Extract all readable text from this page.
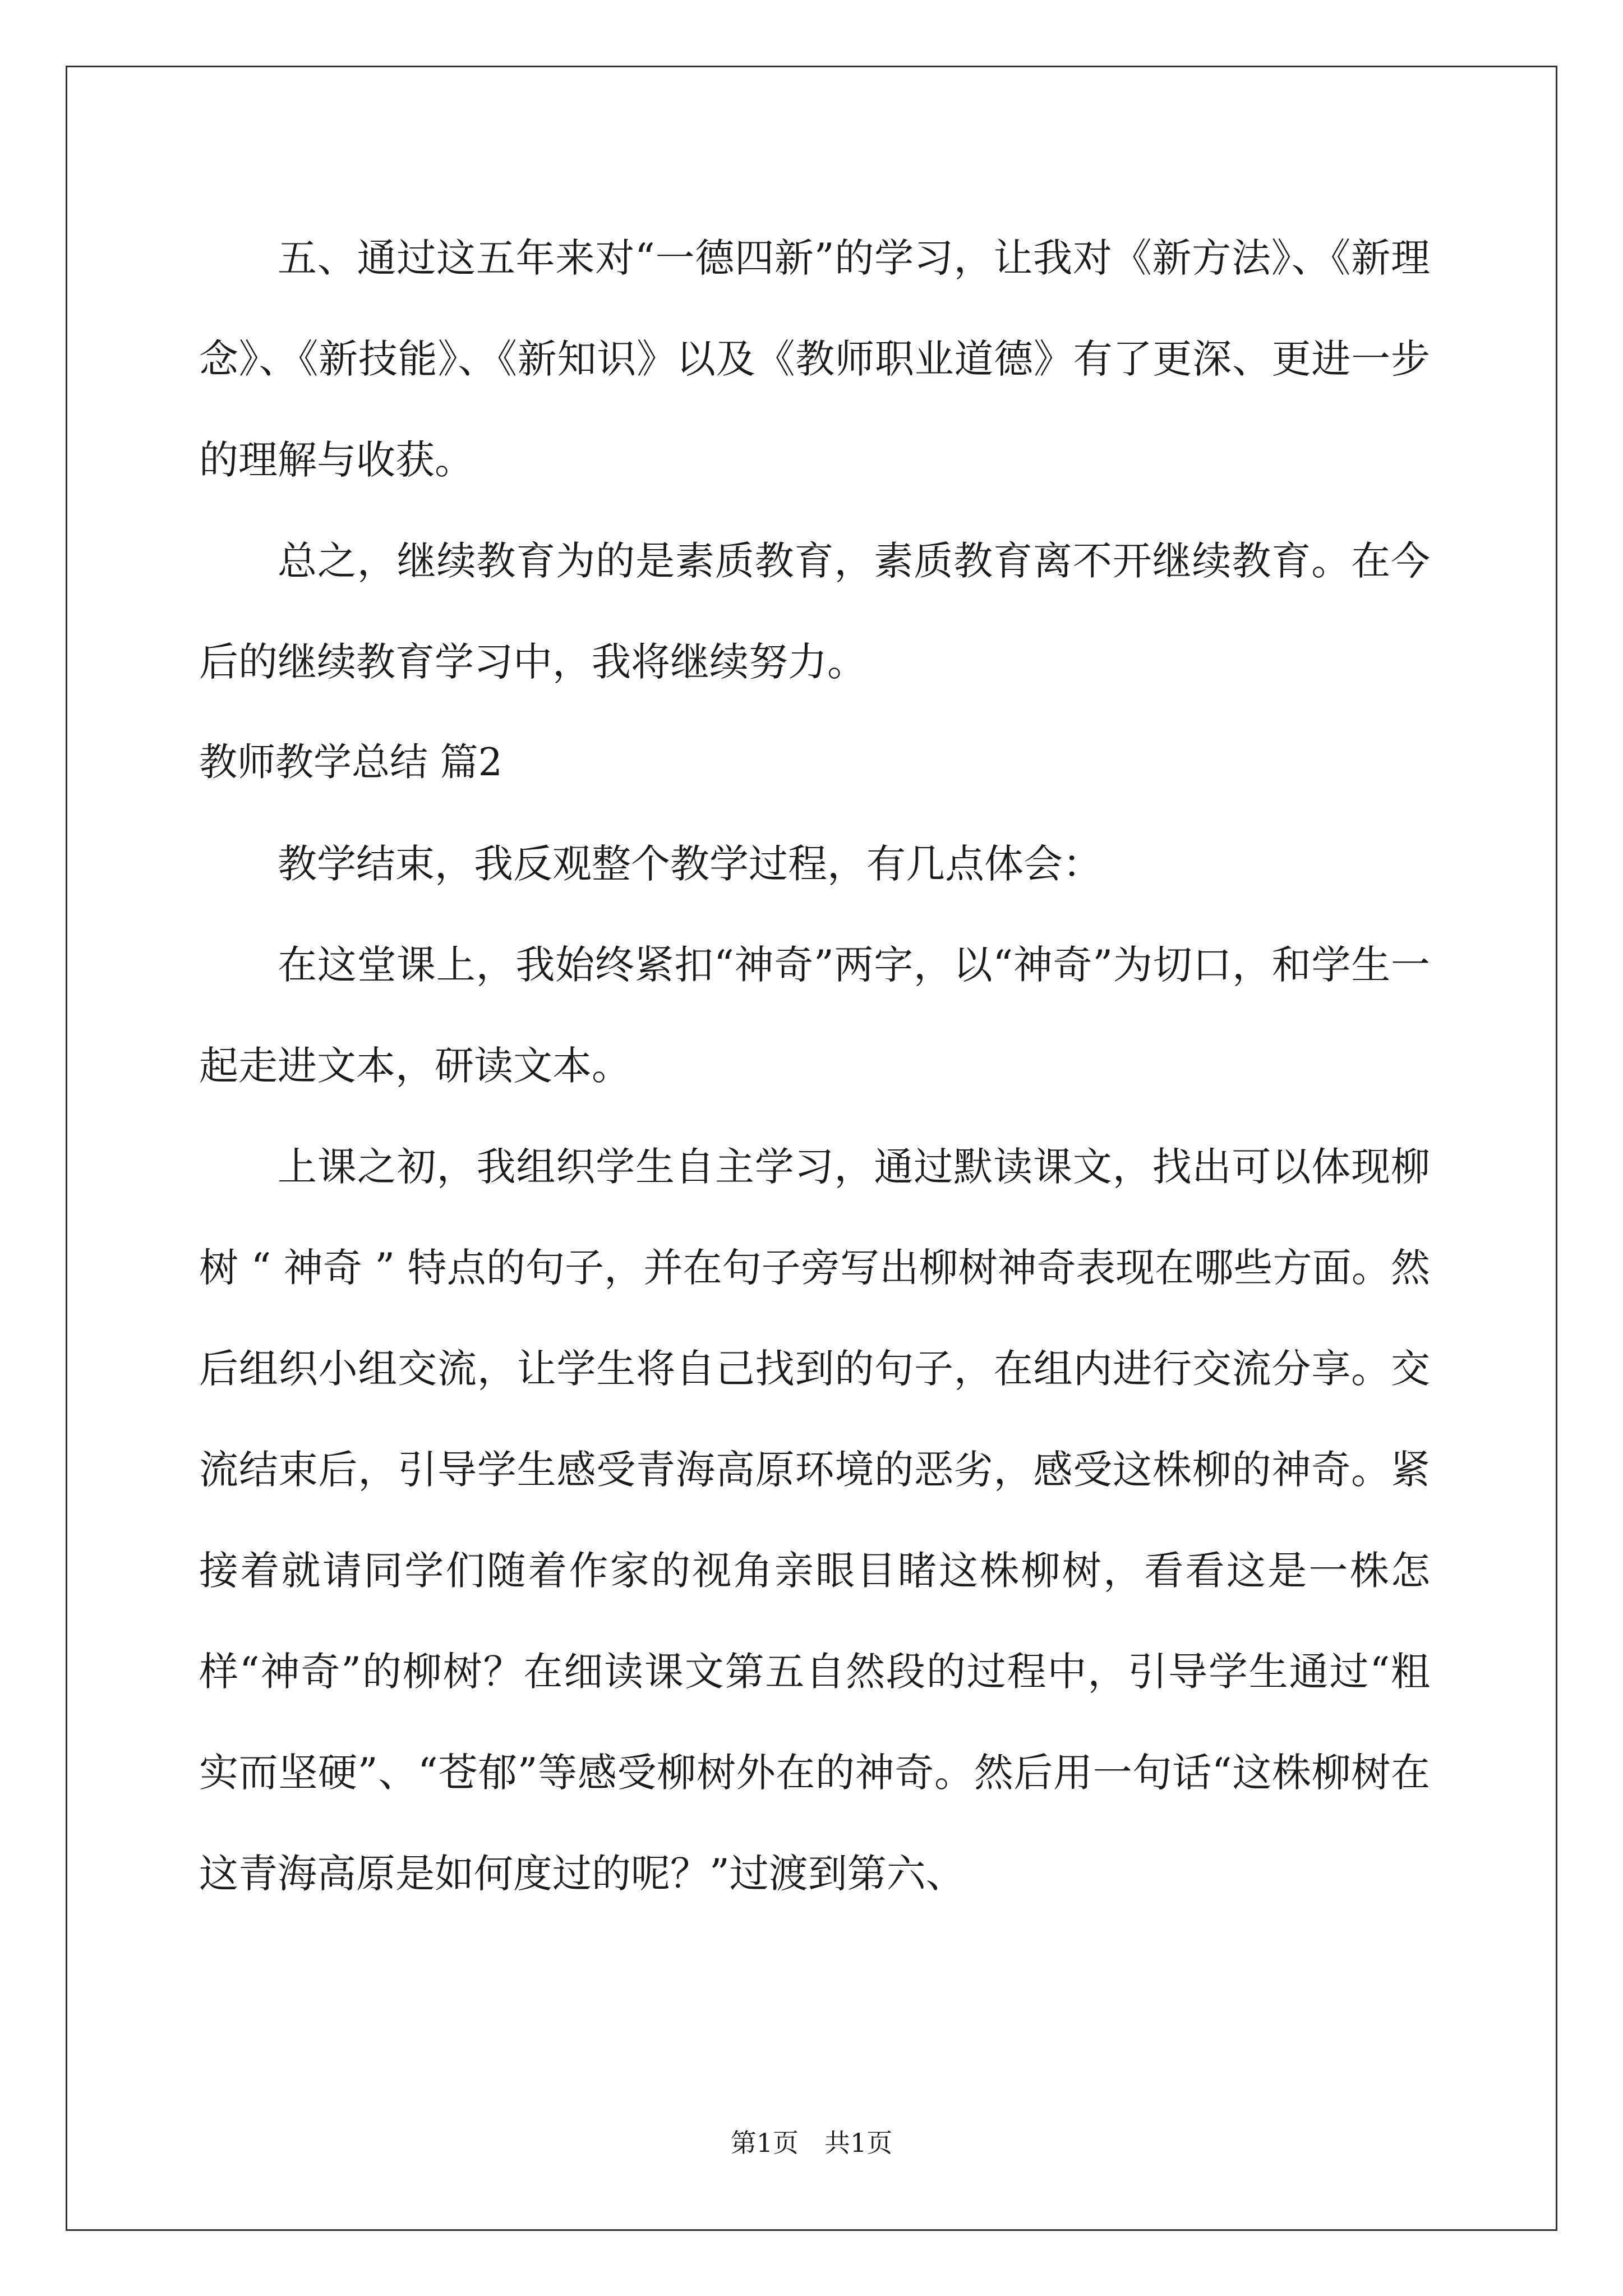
五、通过这五年来对“一德四新”的学习，让我对《新方法》、《新理念》、《新技能》、《新知识》以及《教师职业道德》有了更深、更进一步的理解与收获。

总之，继续教育为的是素质教育，素质教育离不开继续教育。在今后的继续教育学习中，我将继续努力。

教师教学总结 篇2

教学结束，我反观整个教学过程，有几点体会：

在这堂课上，我始终紧扣“神奇”两字，以“神奇”为切口，和学生一起走进文本，研读文本。

上课之初，我组织学生自主学习，通过默读课文，找出可以体现柳树 “ 神奇 ” 特点的句子，并在句子旁写出柳树神奇表现在哪些方面。然后组织小组交流，让学生将自己找到的句子，在组内进行交流分享。交流结束后，引导学生感受青海高原环境的恶劣，感受这株柳的神奇。紧接着就请同学们随着作家的视角亲眼目睹这株柳树，看看这是一株怎样“神奇”的柳树？在细读课文第五自然段的过程中，引导学生通过“粗实而坚硬”、“苍郁”等感受柳树外在的神奇。然后用一句话“这株柳树在这青海高原是如何度过的呢？”过渡到第六、

第1页　共1页
